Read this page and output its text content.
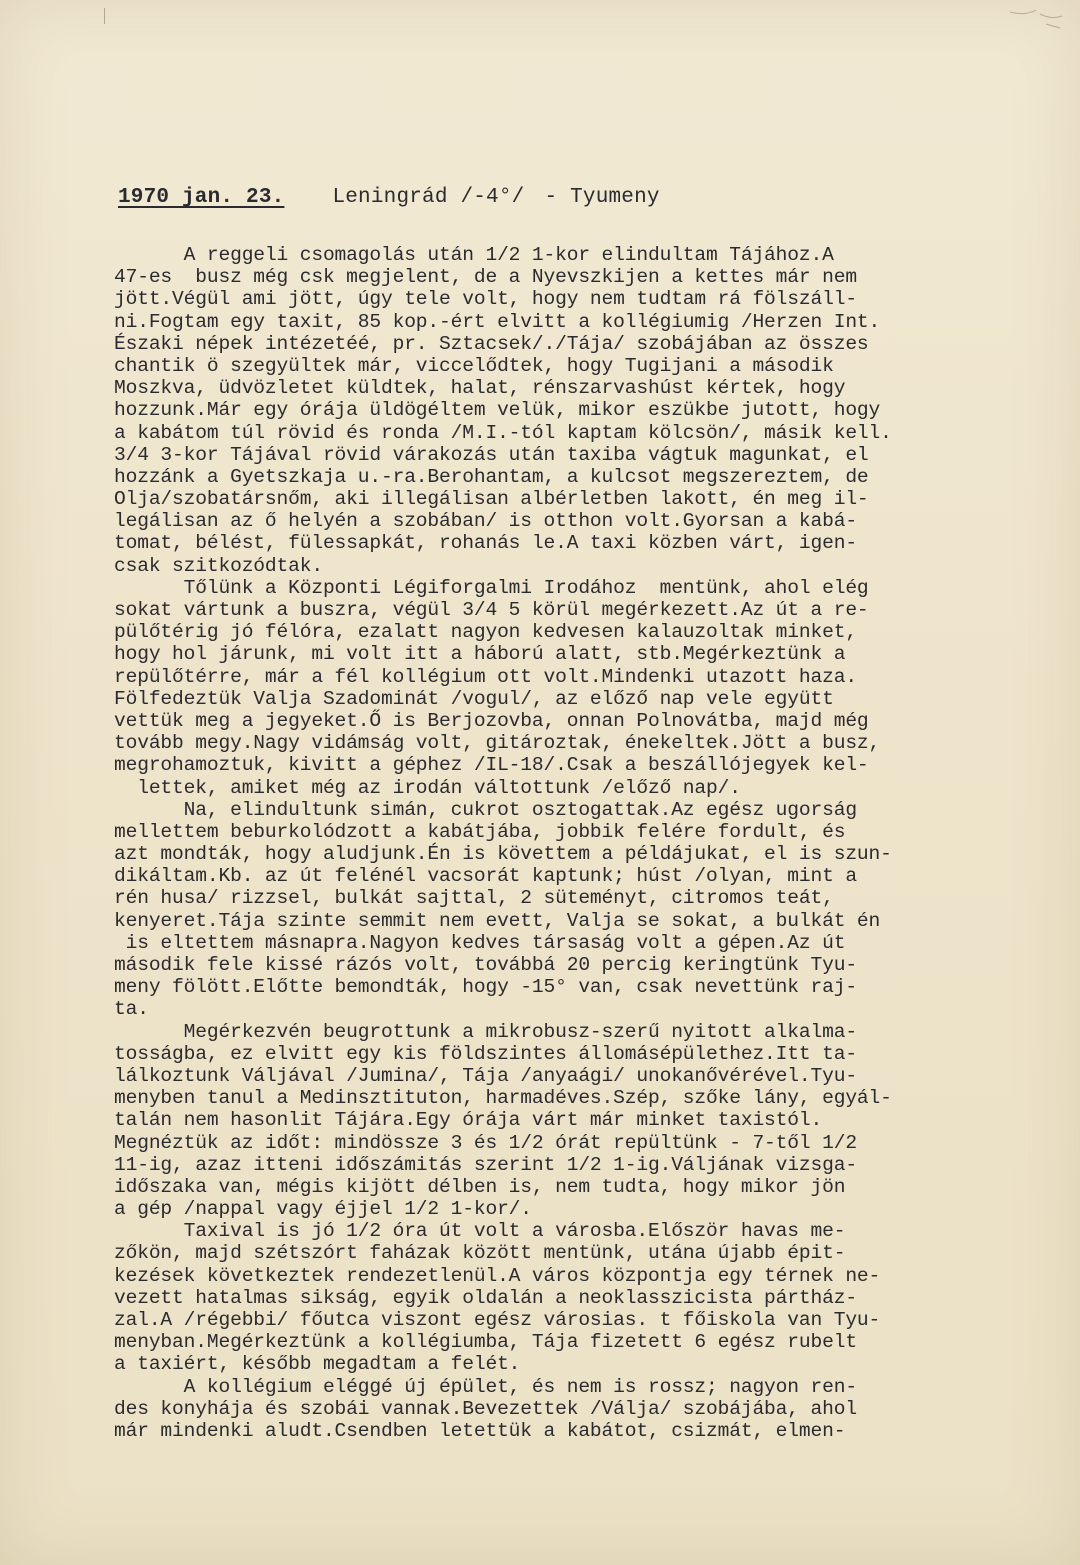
1970 jan. 23. Leningrád /-4°/ - Tyumeny
A reggeli csomagolás után 1/2 1-kor elindultam Tájához.A
47-es  busz még csk megjelent, de a Nyevszkijen a kettes már nem
jött.Végül ami jött, úgy tele volt, hogy nem tudtam rá fölszáll-
ni.Fogtam egy taxit, 85 kop.-ért elvitt a kollégiumig /Herzen Int.
Északi népek intézetéé, pr. Sztacsek/./Tája/ szobájában az összes
chantik ö szegyültek már, viccelődtek, hogy Tugijani a második
Moszkva, üdvözletet küldtek, halat, rénszarvashúst kértek, hogy
hozzunk.Már egy órája üldögéltem velük, mikor eszükbe jutott, hogy
a kabátom túl rövid és ronda /M.I.-tól kaptam kölcsön/, másik kell.
3/4 3-kor Tájával rövid várakozás után taxiba vágtuk magunkat, el
hozzánk a Gyetszkaja u.-ra.Berohantam, a kulcsot megszereztem, de
Olja/szobatársnőm, aki illegálisan albérletben lakott, én meg il-
legálisan az ő helyén a szobában/ is otthon volt.Gyorsan a kabá-
tomat, bélést, fülessapkát, rohanás le.A taxi közben várt, igen-
csak szitkozódtak.
Tőlünk a Központi Légiforgalmi Irodához  mentünk, ahol elég
sokat vártunk a buszra, végül 3/4 5 körül megérkezett.Az út a re-
pülőtérig jó félóra, ezalatt nagyon kedvesen kalauzoltak minket,
hogy hol járunk, mi volt itt a háború alatt, stb.Megérkeztünk a
repülőtérre, már a fél kollégium ott volt.Mindenki utazott haza.
Fölfedeztük Valja Szadominát /vogul/, az előző nap vele együtt
vettük meg a jegyeket.Ő is Berjozovba, onnan Polnovátba, majd még
tovább megy.Nagy vidámság volt, gitároztak, énekeltek.Jött a busz,
megrohamoztuk, kivitt a géphez /IL-18/.Csak a beszállójegyek kel-
lettek, amiket még az irodán váltottunk /előző nap/.
Na, elindultunk simán, cukrot osztogattak.Az egész ugorság
mellettem beburkolódzott a kabátjába, jobbik felére fordult, és
azt mondták, hogy aludjunk.Én is követtem a példájukat, el is szun-
dikáltam.Kb. az út felénél vacsorát kaptunk; húst /olyan, mint a
rén husa/ rizzsel, bulkát sajttal, 2 süteményt, citromos teát,
kenyeret.Tája szinte semmit nem evett, Valja se sokat, a bulkát én
is eltettem másnapra.Nagyon kedves társaság volt a gépen.Az út
második fele kissé rázós volt, továbbá 20 percig keringtünk Tyu-
meny fölött.Előtte bemondták, hogy -15° van, csak nevettünk raj-
ta.
Megérkezvén beugrottunk a mikrobusz-szerű nyitott alkalma-
tosságba, ez elvitt egy kis földszintes állomásépülethez.Itt ta-
lálkoztunk Váljával /Jumina/, Tája /anyaági/ unokanővérével.Tyu-
menyben tanul a Medinsztituton, harmadéves.Szép, szőke lány, egyál-
talán nem hasonlit Tájára.Egy órája várt már minket taxistól.
Megnéztük az időt: mindössze 3 és 1/2 órát repültünk - 7-től 1/2
11-ig, azaz itteni időszámitás szerint 1/2 1-ig.Váljának vizsga-
időszaka van, mégis kijött délben is, nem tudta, hogy mikor jön
a gép /nappal vagy éjjel 1/2 1-kor/.
Taxival is jó 1/2 óra út volt a városba.Először havas me-
zőkön, majd szétszórt faházak között mentünk, utána újabb épit-
kezések következtek rendezetlenül.A város központja egy térnek ne-
vezett hatalmas sikság, egyik oldalán a neoklasszicista pártház-
zal.A /régebbi/ főutca viszont egész városias. t főiskola van Tyu-
menyban.Megérkeztünk a kollégiumba, Tája fizetett 6 egész rubelt
a taxiért, később megadtam a felét.
A kollégium eléggé új épület, és nem is rossz; nagyon ren-
des konyhája és szobái vannak.Bevezettek /Válja/ szobájába, ahol
már mindenki aludt.Csendben letettük a kabátot, csizmát, elmen-
